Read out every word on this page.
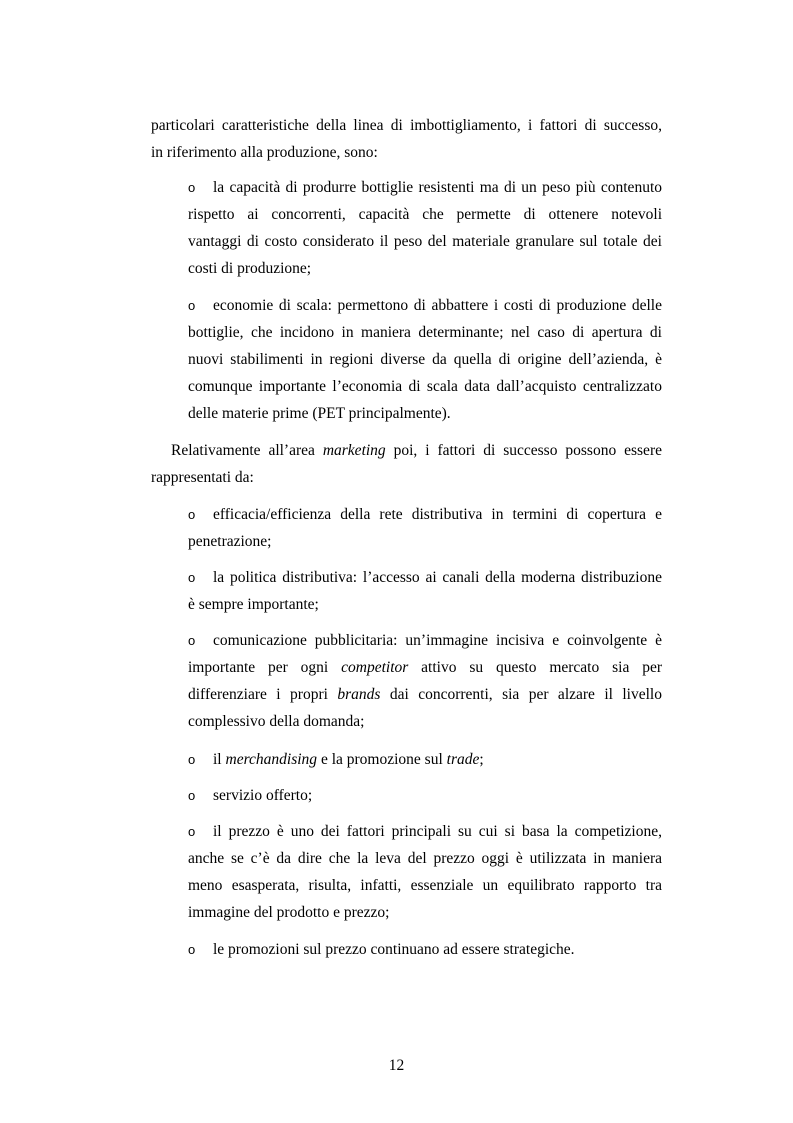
particolari caratteristiche della linea di imbottigliamento, i fattori di successo,
in riferimento alla produzione, sono:
o la capacità di produrre bottiglie resistenti ma di un peso più contenuto
rispetto ai concorrenti, capacità che permette di ottenere notevoli
vantaggi di costo considerato il peso del materiale granulare sul totale dei
costi di produzione;
o economie di scala: permettono di abbattere i costi di produzione delle
bottiglie, che incidono in maniera determinante; nel caso di apertura di
nuovi stabilimenti in regioni diverse da quella di origine dell’azienda, è
comunque importante l’economia di scala data dall’acquisto centralizzato
delle materie prime (PET principalmente).
Relativamente all’area marketing poi, i fattori di successo possono essere
rappresentati da:
o efficacia/efficienza della rete distributiva in termini di copertura e
penetrazione;
o la politica distributiva: l’accesso ai canali della moderna distribuzione
è sempre importante;
o comunicazione pubblicitaria: un’immagine incisiva e coinvolgente è
importante per ogni competitor attivo su questo mercato sia per
differenziare i propri brands dai concorrenti, sia per alzare il livello
complessivo della domanda;
o il merchandising e la promozione sul trade;
o servizio offerto;
o il prezzo è uno dei fattori principali su cui si basa la competizione,
anche se c’è da dire che la leva del prezzo oggi è utilizzata in maniera
meno esasperata, risulta, infatti, essenziale un equilibrato rapporto tra
immagine del prodotto e prezzo;
o le promozioni sul prezzo continuano ad essere strategiche.
12
